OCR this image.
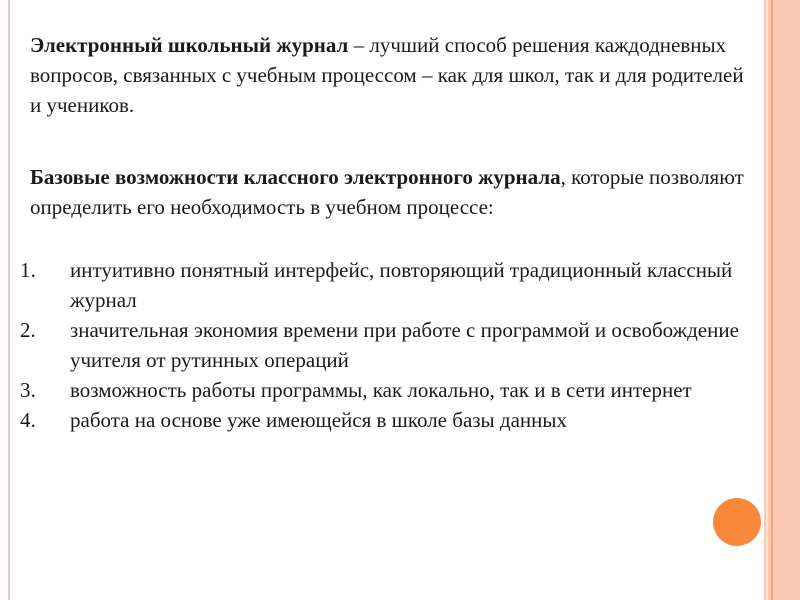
Электронный школьный журнал – лучший способ решения каждодневных вопросов, связанных с учебным процессом – как для школ, так и для родителей и учеников.
Базовые возможности классного электронного журнала, которые позволяют определить его необходимость в учебном процессе:
1. интуитивно понятный интерфейс, повторяющий традиционный классный журнал
2. значительная экономия времени при работе с программой и освобождение учителя от рутинных операций
3. возможность работы программы, как локально, так и в сети интернет
4. работа на основе уже имеющейся в школе базы данных
